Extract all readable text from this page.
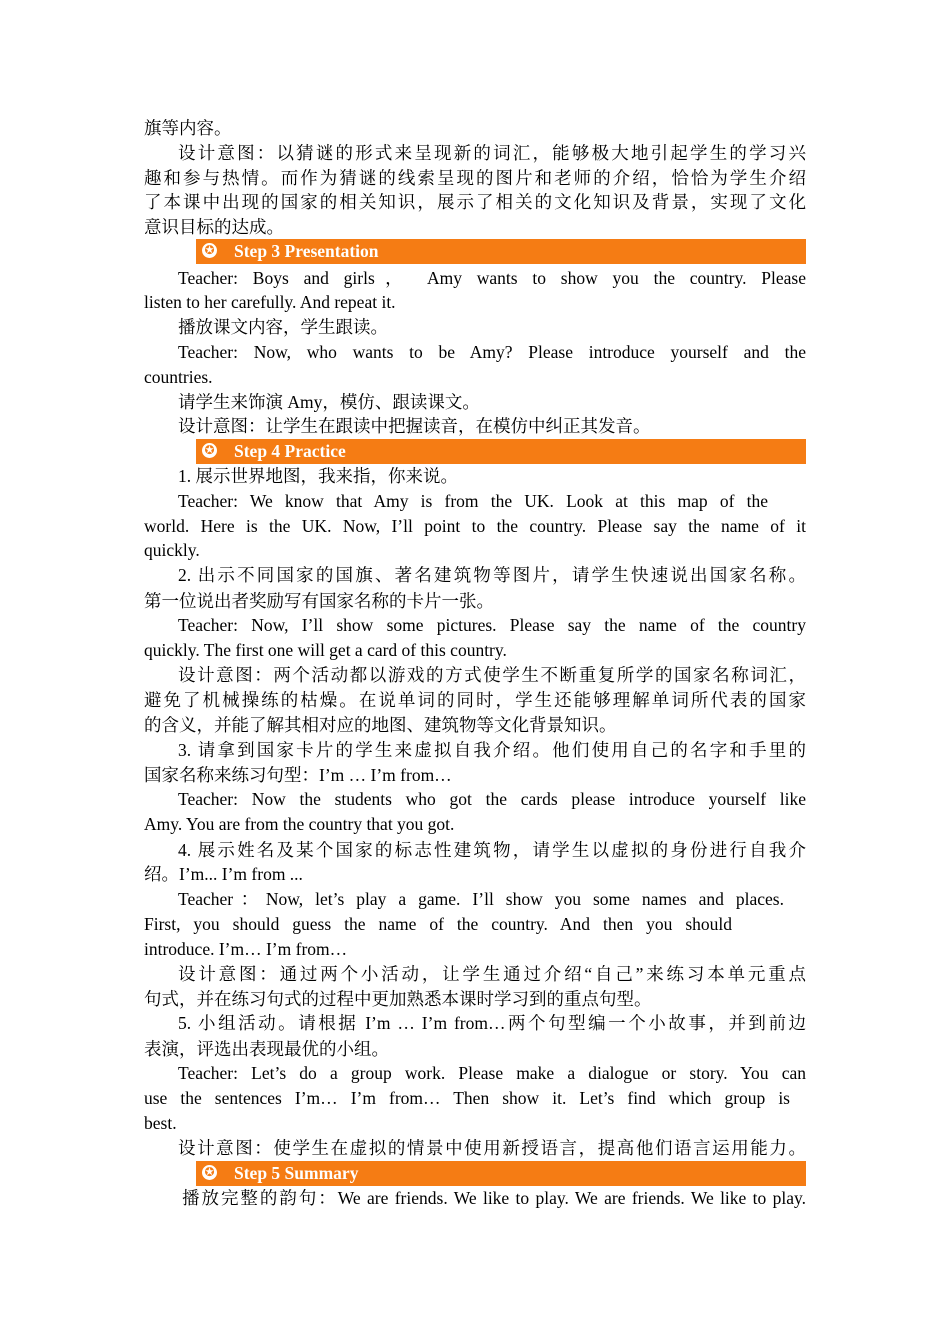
旗等内容。
设计意图：以猜谜的形式来呈现新的词汇，能够极大地引起学生的学习兴
趣和参与热情。而作为猜谜的线索呈现的图片和老师的介绍，恰恰为学生介绍
了本课中出现的国家的相关知识，展示了相关的文化知识及背景，实现了文化
意识目标的达成。
✪ Step 3 Presentation
Teacher: Boys and girls， Amy wants to show you the country. Please
listen to her carefully. And repeat it.
播放课文内容，学生跟读。
Teacher: Now, who wants to be Amy? Please introduce yourself and the
countries.
请学生来饰演 Amy，模仿、跟读课文。
设计意图：让学生在跟读中把握读音，在模仿中纠正其发音。
✪ Step 4 Practice
1. 展示世界地图，我来指，你来说。
Teacher: We know that Amy is from the UK. Look at this map of the
world. Here is the UK. Now, I’ll point to the country. Please say the name of it
quickly.
2. 出示不同国家的国旗、著名建筑物等图片，请学生快速说出国家名称。
第一位说出者奖励写有国家名称的卡片一张。
Teacher: Now, I’ll show some pictures. Please say the name of the country
quickly. The first one will get a card of this country.
设计意图：两个活动都以游戏的方式使学生不断重复所学的国家名称词汇，
避免了机械操练的枯燥。在说单词的同时，学生还能够理解单词所代表的国家
的含义，并能了解其相对应的地图、建筑物等文化背景知识。
3. 请拿到国家卡片的学生来虚拟自我介绍。他们使用自己的名字和手里的
国家名称来练习句型：I’m … I’m from…
Teacher: Now the students who got the cards please introduce yourself like
Amy. You are from the country that you got.
4. 展示姓名及某个国家的标志性建筑物，请学生以虚拟的身份进行自我介
绍。I’m... I’m from ...
Teacher：Now, let’s play a game. I’ll show you some names and places.
First, you should guess the name of the country. And then you should
introduce. I’m… I’m from…
设计意图：通过两个小活动，让学生通过介绍“自己”来练习本单元重点
句式，并在练习句式的过程中更加熟悉本课时学习到的重点句型。
5. 小组活动。请根据 I’m … I’m from…两个句型编一个小故事，并到前边
表演，评选出表现最优的小组。
Teacher: Let’s do a group work. Please make a dialogue or story. You can
use the sentences I’m… I’m from… Then show it. Let’s find which group is
best.
设计意图：使学生在虚拟的情景中使用新授语言，提高他们语言运用能力。
✪ Step 5 Summary
播放完整的韵句：We are friends. We like to play. We are friends. We like to play.
